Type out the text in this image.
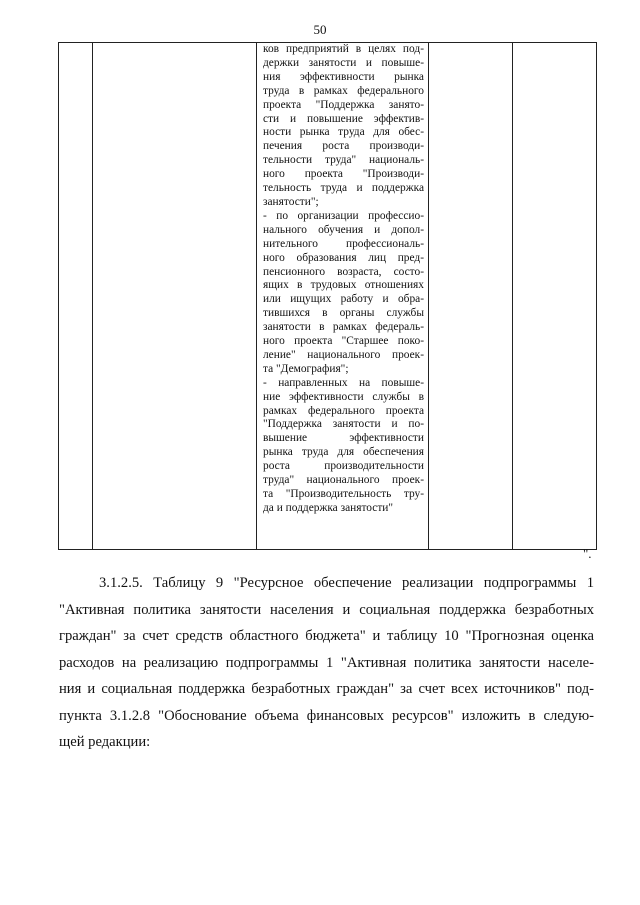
50

ков предприятий в целях под-
держки занятости и повыше-
ния эффективности рынка
труда в рамках федерального
проекта "Поддержка занято-
сти и повышение эффектив-
ности рынка труда для обес-
печения роста производи-
тельности труда" националь-
ного проекта "Производи-
тельность труда и поддержка
занятости";
- по организации профессио-
нального обучения и допол-
нительного профессиональ-
ного образования лиц пред-
пенсионного возраста, состо-
ящих в трудовых отношениях
или ищущих работу и обра-
тившихся в органы службы
занятости в рамках федераль-
ного проекта "Старшее поко-
ление" национального проек-
та "Демография";
- направленных на повыше-
ние эффективности службы в
рамках федерального проекта
"Поддержка занятости и по-
вышение эффективности
рынка труда для обеспечения
роста производительности
труда" национального проек-
та "Производительность тру-
да и поддержка занятости"

".
3.1.2.5. Таблицу 9 "Ресурсное обеспечение реализации подпрограммы 1
"Активная политика занятости населения и социальная поддержка безработных
граждан" за счет средств областного бюджета" и таблицу 10 "Прогнозная оценка
расходов на реализацию подпрограммы 1 "Активная политика занятости населе-
ния и социальная поддержка безработных граждан" за счет всех источников" под-
пункта 3.1.2.8 "Обоснование объема финансовых ресурсов" изложить в следую-
щей редакции:
